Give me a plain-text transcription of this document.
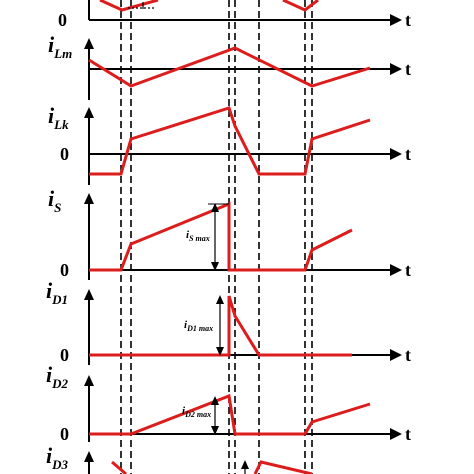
t
0
t
$i_{Lm}$
t
0
$i_{Lk}$
t
0
$i_S$
$i_{S max}$
t
0
$i_{D1}$
$i_{D1 max}$
t
0
$i_{D2}$
$i_{D2 max}$
$i_{D3}$
